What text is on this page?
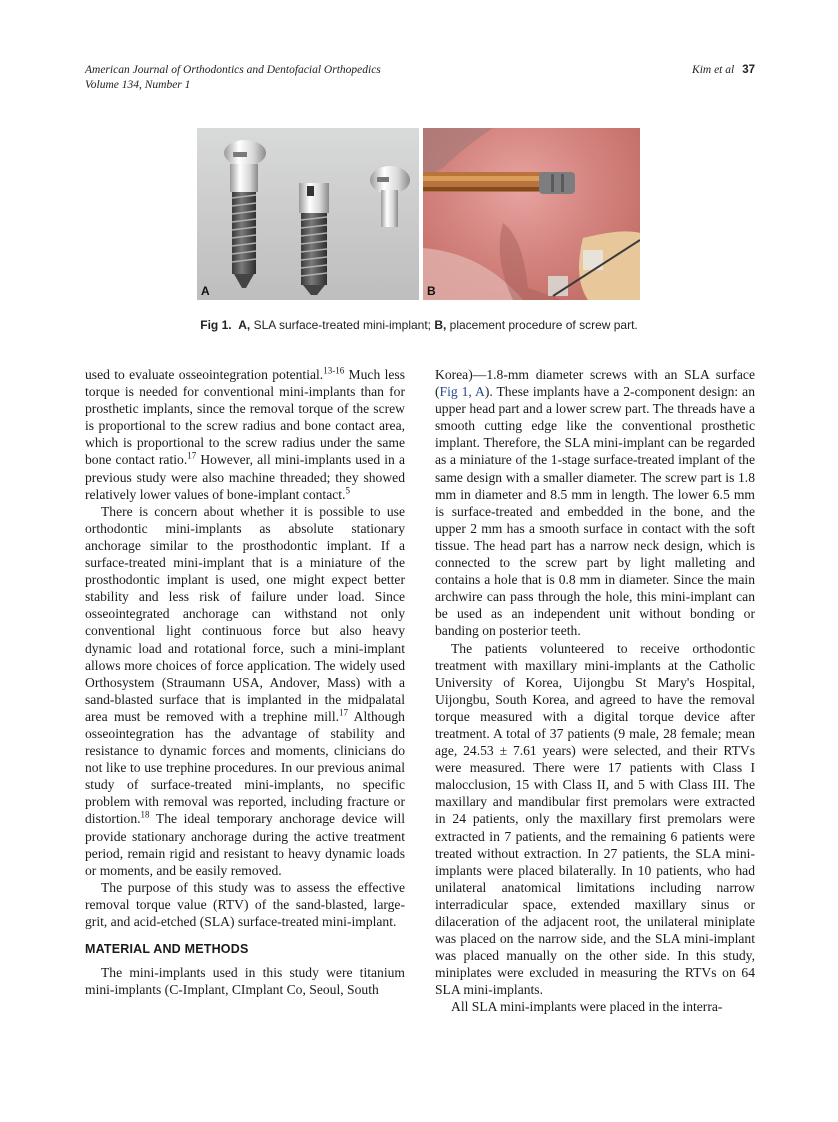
American Journal of Orthodontics and Dentofacial Orthopedics
Volume 134, Number 1
Kim et al 37
A	B
Fig 1. A, SLA surface-treated mini-implant; B, placement procedure of screw part.

used to evaluate osseointegration potential.$^{13-16}$ Much less torque is needed for conventional mini-implants than for prosthetic implants, since the removal torque of the screw is proportional to the screw radius and bone contact area, which is proportional to the screw radius under the same bone contact ratio.$^{17}$ However, all mini-implants used in a previous study were also machine threaded; they showed relatively lower values of bone-implant contact.$^5$

There is concern about whether it is possible to use orthodontic mini-implants as absolute stationary anchorage similar to the prosthodontic implant. If a surface-treated mini-implant that is a miniature of the prosthodontic implant is used, one might expect better stability and less risk of failure under load. Since osseointegrated anchorage can withstand not only conventional light continuous force but also heavy dynamic load and rotational force, such a mini-implant allows more choices of force application. The widely used Orthosystem (Straumann USA, Andover, Mass) with a sand-blasted surface that is implanted in the midpalatal area must be removed with a trephine mill.$^{17}$ Although osseointegration has the advantage of stability and resistance to dynamic forces and moments, clinicians do not like to use trephine procedures. In our previous animal study of surface-treated mini-implants, no specific problem with removal was reported, including fracture or distortion.$^{18}$ The ideal temporary anchorage device will provide stationary anchorage during the active treatment period, remain rigid and resistant to heavy dynamic loads or moments, and be easily removed.

The purpose of this study was to assess the effective removal torque value (RTV) of the sand-blasted, large-grit, and acid-etched (SLA) surface-treated mini-implant.

MATERIAL AND METHODS

The mini-implants used in this study were titanium mini-implants (C-Implant, CImplant Co, Seoul, South

Korea)—1.8-mm diameter screws with an SLA surface (Fig 1, A). These implants have a 2-component design: an upper head part and a lower screw part. The threads have a smooth cutting edge like the conventional prosthetic implant. Therefore, the SLA mini-implant can be regarded as a miniature of the 1-stage surface-treated implant of the same design with a smaller diameter. The screw part is 1.8 mm in diameter and 8.5 mm in length. The lower 6.5 mm is surface-treated and embedded in the bone, and the upper 2 mm has a smooth surface in contact with the soft tissue. The head part has a narrow neck design, which is connected to the screw part by light malleting and contains a hole that is 0.8 mm in diameter. Since the main archwire can pass through the hole, this mini-implant can be used as an independent unit without bonding or banding on posterior teeth.

The patients volunteered to receive orthodontic treatment with maxillary mini-implants at the Catholic University of Korea, Uijongbu St Mary's Hospital, Uijongbu, South Korea, and agreed to have the removal torque measured with a digital torque device after treatment. A total of 37 patients (9 male, 28 female; mean age, 24.53 ± 7.61 years) were selected, and their RTVs were measured. There were 17 patients with Class I malocclusion, 15 with Class II, and 5 with Class III. The maxillary and mandibular first premolars were extracted in 24 patients, only the maxillary first premolars were extracted in 7 patients, and the remaining 6 patients were treated without extraction. In 27 patients, the SLA mini-implants were placed bilaterally. In 10 patients, who had unilateral anatomical limitations including narrow interradicular space, extended maxillary sinus or dilaceration of the adjacent root, the unilateral miniplate was placed on the narrow side, and the SLA mini-implant was placed manually on the other side. In this study, miniplates were excluded in measuring the RTVs on 64 SLA mini-implants.

All SLA mini-implants were placed in the interra-
